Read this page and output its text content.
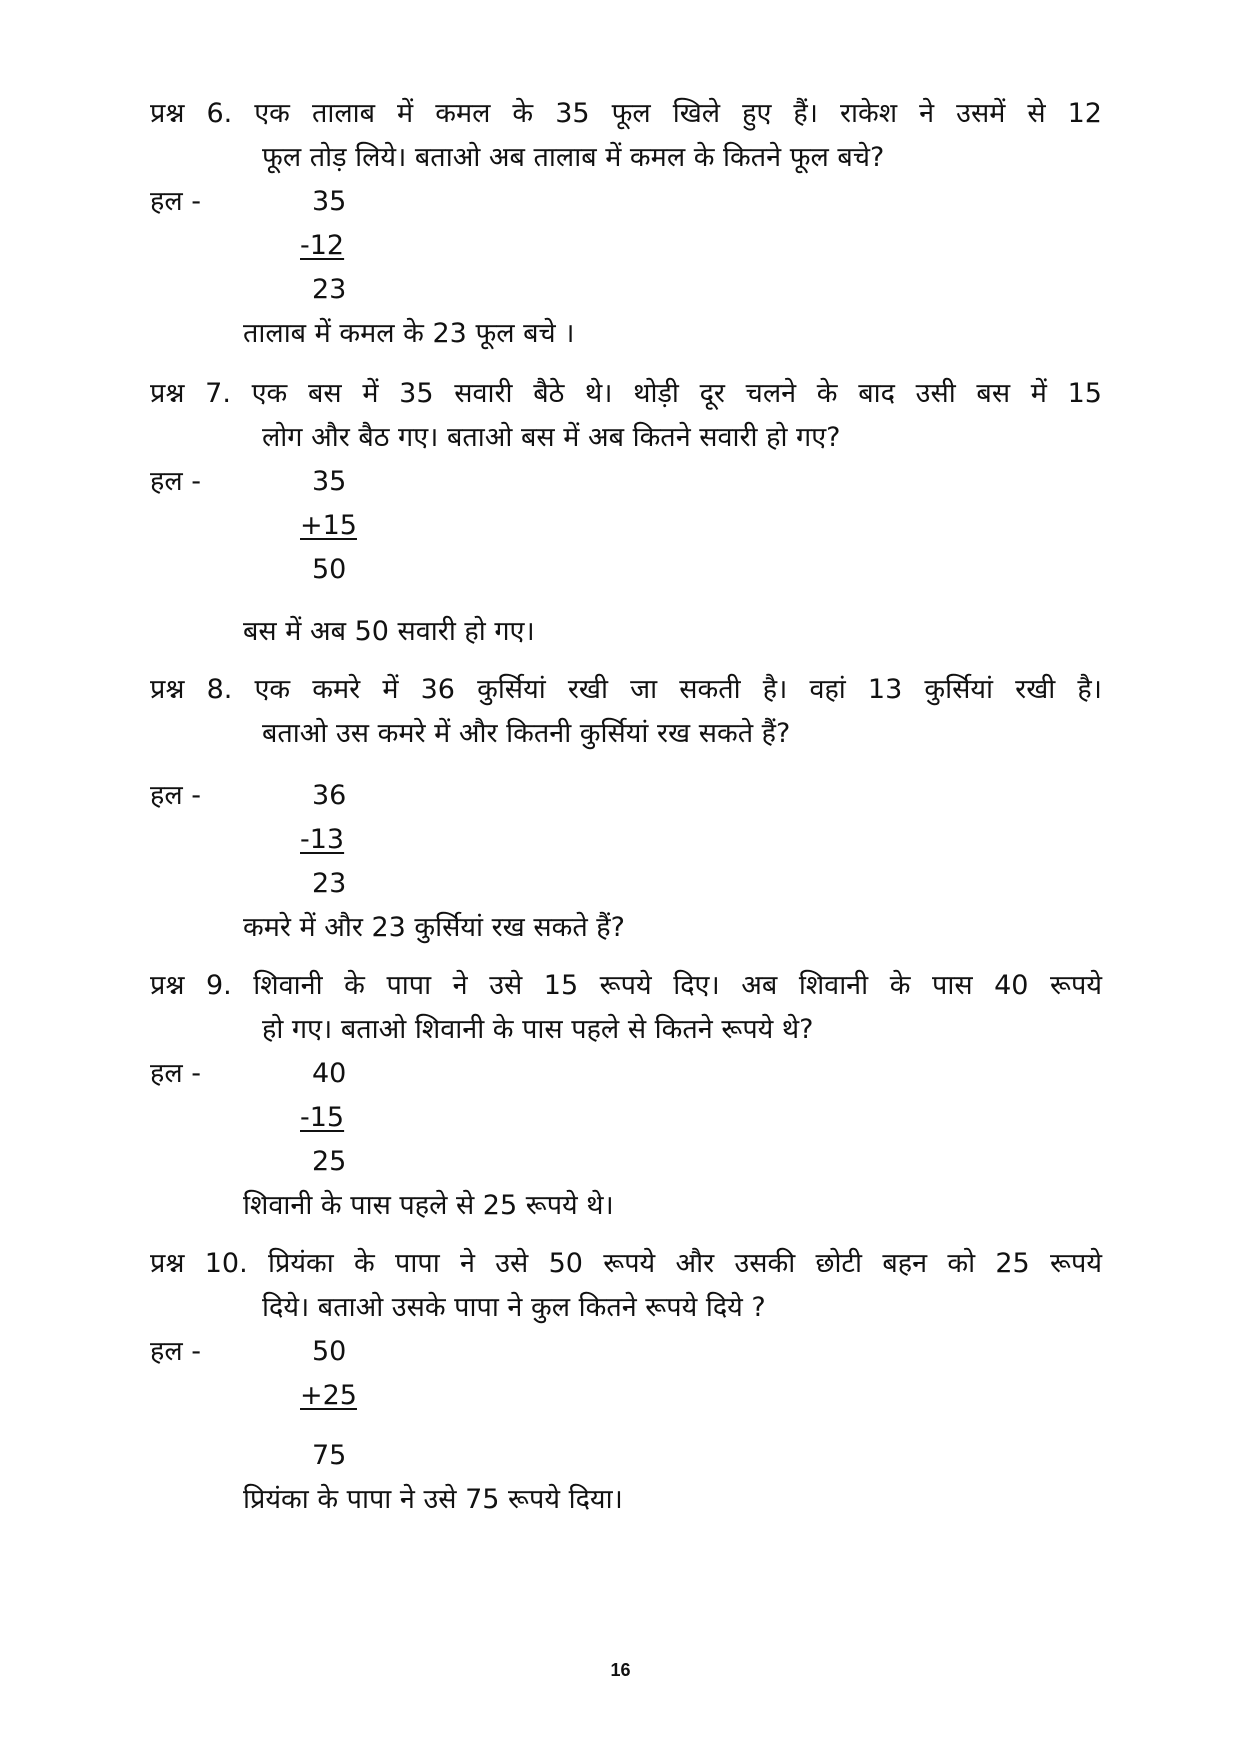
प्रश्न 6. एक तालाब में कमल के 35 फूल खिले हुए हैं। राकेश ने उसमें से 12
फूल तोड़ लिये। बताओ अब तालाब में कमल के कितने फूल बचे?
हल -	35
-12
23
तालाब में कमल के 23 फूल बचे ।
प्रश्न 7. एक बस में 35 सवारी बैठे थे। थोड़ी दूर चलने के बाद उसी बस में 15
लोग और बैठ गए। बताओ बस में अब कितने सवारी हो गए?
हल -	35
+15
50
बस में अब 50 सवारी हो गए।
प्रश्न 8. एक कमरे में 36 कुर्सियां रखी जा सकती है। वहां 13 कुर्सियां रखी है।
बताओ उस कमरे में और कितनी कुर्सियां रख सकते हैं?
हल -	36
-13
23
कमरे में और 23 कुर्सियां रख सकते हैं?
प्रश्न 9. शिवानी के पापा ने उसे 15 रूपये दिए। अब शिवानी के पास 40 रूपये
हो गए। बताओ शिवानी के पास पहले से कितने रूपये थे?
हल -	40
-15
25
शिवानी के पास पहले से 25 रूपये थे।
प्रश्न 10. प्रियंका के पापा ने उसे 50 रूपये और उसकी छोटी बहन को 25 रूपये
दिये। बताओ उसके पापा ने कुल कितने रूपये दिये ?
हल -	50
+25
75
प्रियंका के पापा ने उसे 75 रूपये दिया।
16
